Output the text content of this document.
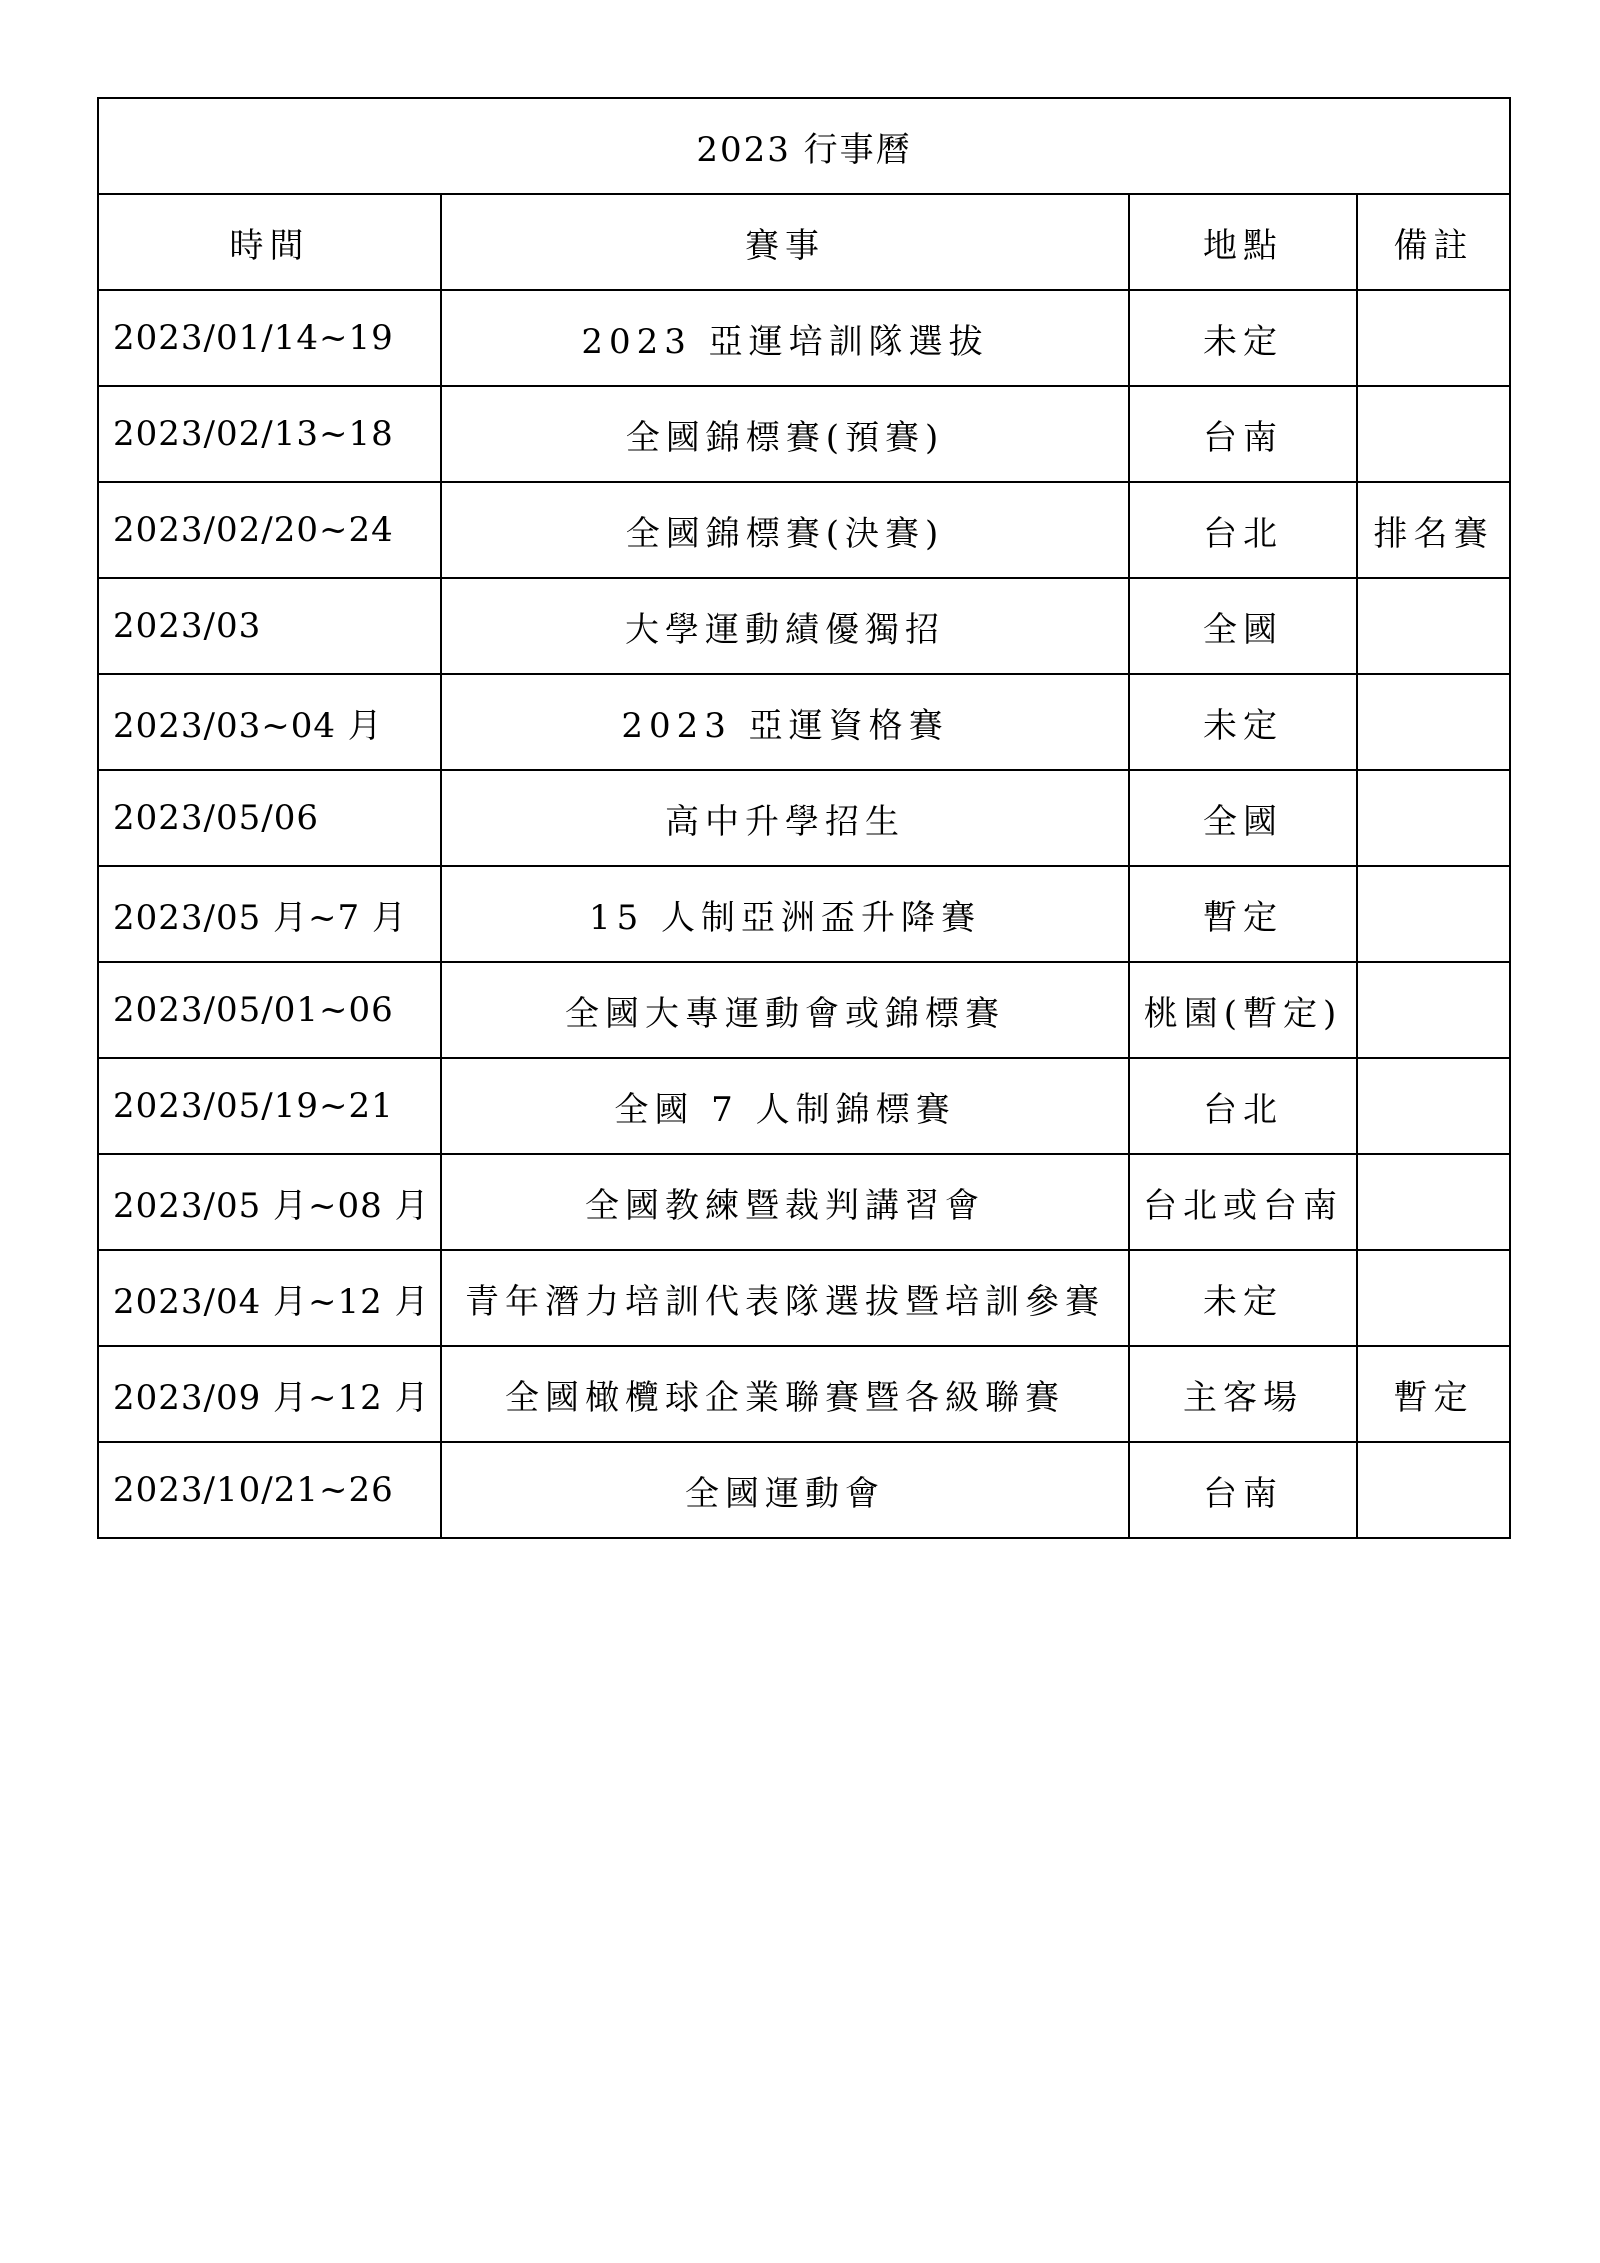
2023 行事曆			
時間	賽事	地點	備註
2023/01/14~19	2023 亞運培訓隊選拔	未定	
2023/02/13~18	全國錦標賽(預賽)	台南	
2023/02/20~24	全國錦標賽(決賽)	台北	排名賽
2023/03	大學運動績優獨招	全國	
2023/03~04 月	2023 亞運資格賽	未定	
2023/05/06	高中升學招生	全國	
2023/05 月~7 月	15 人制亞洲盃升降賽	暫定	
2023/05/01~06	全國大專運動會或錦標賽	桃園(暫定)	
2023/05/19~21	全國 7 人制錦標賽	台北	
2023/05 月~08 月	全國教練暨裁判講習會	台北或台南	
2023/04 月~12 月	青年潛力培訓代表隊選拔暨培訓參賽	未定	
2023/09 月~12 月	全國橄欖球企業聯賽暨各級聯賽	主客場	暫定
2023/10/21~26	全國運動會	台南	
